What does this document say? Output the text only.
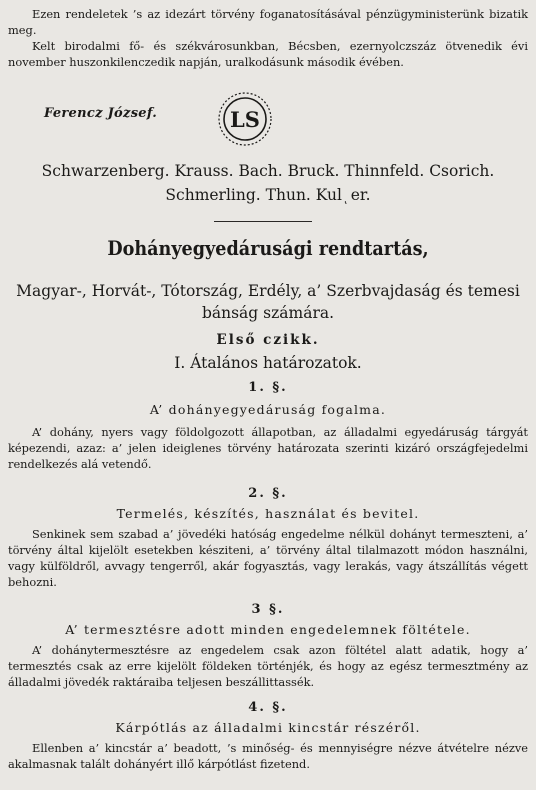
Ezen rendeletek ’s az idezárt törvény foganatosításával pénzügyministerünk bizatik meg.
Kelt birodalmi fő- és székvárosunkban, Bécsben, ezernyolczszáz ötvenedik évi november huszonkilenczedik napján, uralkodásunk második évében.
Ferencz József.	LS
Schwarzenberg. Krauss. Bach. Bruck. Thinnfeld. Csorich.
Schmerling. Thun. Kul ͅ er.
Dohányegyedárusági rendtartás,
Magyar-, Horvát-, Tótország, Erdély, a’ Szerbvajdaság és temesi bánság számára.
Első czikk.
I. Átalános határozatok.
1. §.
A’ dohányegyedáruság fogalma.
A’ dohány, nyers vagy földolgozott állapotban, az álladalmi egyedáruság tárgyát képezendi, azaz: a’ jelen ideiglenes törvény határozata szerinti kizáró országfejedelmi rendelkezés alá vetendő.
2. §.
Termelés, készítés, használat és bevitel.
Senkinek sem szabad a’ jövedéki hatóság engedelme nélkül dohányt termeszteni, a’ törvény által kijelölt esetekben késziteni, a’ törvény által tilalmazott módon használni, vagy külföldről, avvagy tengerről, akár fogyasztás, vagy lerakás, vagy átszállítás végett behozni.
3 §.
A’ termesztésre adott minden engedelemnek föltétele.
A’ dohánytermesztésre az engedelem csak azon föltétel alatt adatik, hogy a’ termesztés csak az erre kijelölt földeken történjék, és hogy az egész termesztmény az álladalmi jövedék raktáraiba teljesen beszállittassék.
4. §.
Kárpótlás az álladalmi kincstár részéről.
Ellenben a’ kincstár a’ beadott, ’s minőség- és mennyiségre nézve átvételre nézve akalmasnak talált dohányért illő kárpótlást fizetend.
